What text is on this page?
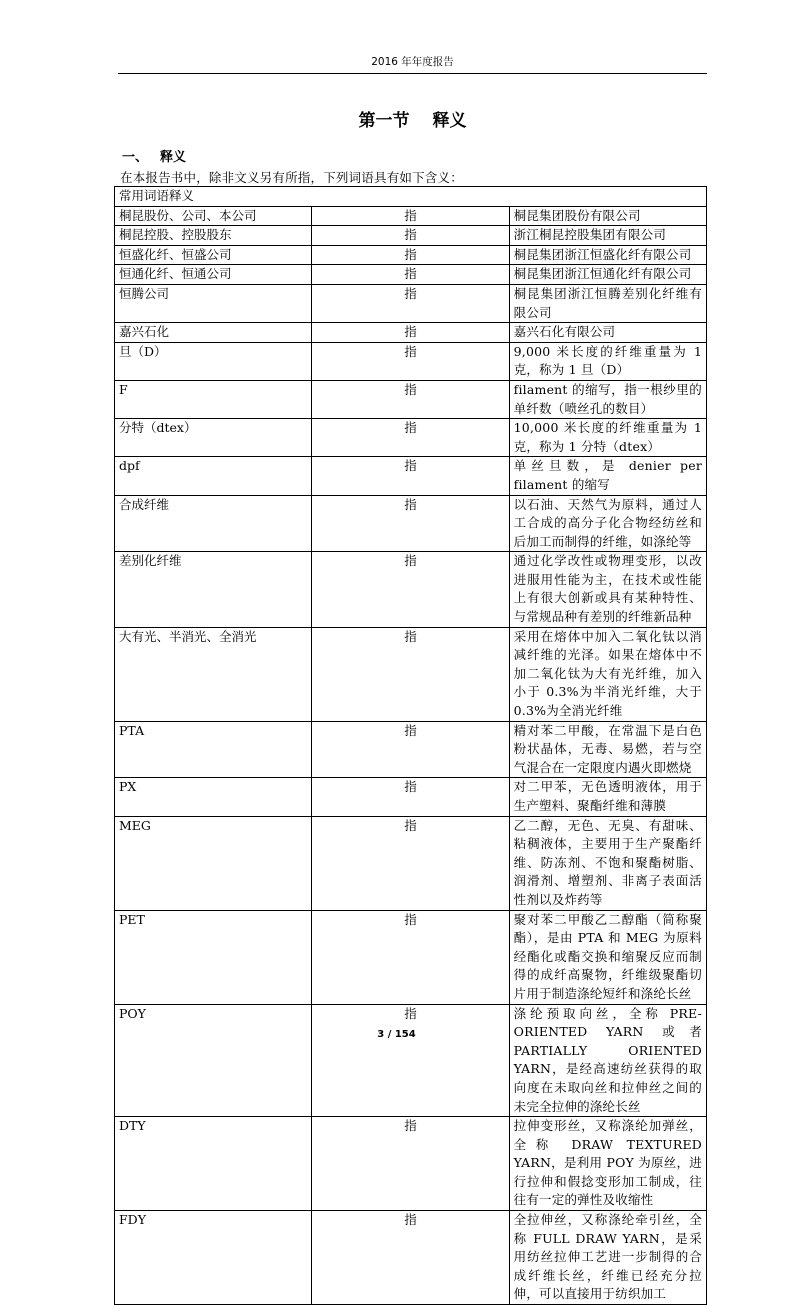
2016 年年度报告
第一节　 释义
一、 释义
在本报告书中，除非文义另有所指，下列词语具有如下含义：
常用词语释义		
桐昆股份、公司、本公司	指	桐昆集团股份有限公司
桐昆控股、控股股东	指	浙江桐昆控股集团有限公司
恒盛化纤、恒盛公司	指	桐昆集团浙江恒盛化纤有限公司
恒通化纤、恒通公司	指	桐昆集团浙江恒通化纤有限公司
恒腾公司	指	桐昆集团浙江恒腾差别化纤维有限公司
嘉兴石化	指	嘉兴石化有限公司
旦（D）	指	9,000 米长度的纤维重量为 1 克，称为 1 旦（D）
F	指	filament 的缩写，指一根纱里的单纤数（喷丝孔的数目）
分特（dtex）	指	10,000 米长度的纤维重量为 1 克，称为 1 分特（dtex）
dpf	指	单丝旦数，是 denier per filament 的缩写
合成纤维	指	以石油、天然气为原料，通过人工合成的高分子化合物经纺丝和后加工而制得的纤维，如涤纶等
差别化纤维	指	通过化学改性或物理变形，以改进服用性能为主，在技术或性能上有很大创新或具有某种特性、与常规品种有差别的纤维新品种
大有光、半消光、全消光	指	采用在熔体中加入二氧化钛以消减纤维的光泽。如果在熔体中不加二氧化钛为大有光纤维，加入小于 0.3%为半消光纤维，大于 0.3%为全消光纤维
PTA	指	精对苯二甲酸，在常温下是白色粉状晶体，无毒、易燃，若与空气混合在一定限度内遇火即燃烧
PX	指	对二甲苯，无色透明液体，用于生产塑料、聚酯纤维和薄膜
MEG	指	乙二醇，无色、无臭、有甜味、粘稠液体，主要用于生产聚酯纤维、防冻剂、不饱和聚酯树脂、润滑剂、增塑剂、非离子表面活性剂以及炸药等
PET	指	聚对苯二甲酸乙二醇酯（简称聚酯），是由 PTA 和 MEG 为原料经酯化或酯交换和缩聚反应而制得的成纤高聚物，纤维级聚酯切片用于制造涤纶短纤和涤纶长丝
POY	指	涤纶预取向丝，全称 PRE-ORIENTED YARN 或者 PARTIALLY ORIENTED YARN，是经高速纺丝获得的取向度在未取向丝和拉伸丝之间的未完全拉伸的涤纶长丝
DTY	指	拉伸变形丝，又称涤纶加弹丝，全称 DRAW TEXTURED YARN，是利用 POY 为原丝，进行拉伸和假捻变形加工制成，往往有一定的弹性及收缩性
FDY	指	全拉伸丝，又称涤纶牵引丝，全称 FULL DRAW YARN，是采用纺丝拉伸工艺进一步制得的合成纤维长丝，纤维已经充分拉伸，可以直接用于纺织加工
3 / 154
